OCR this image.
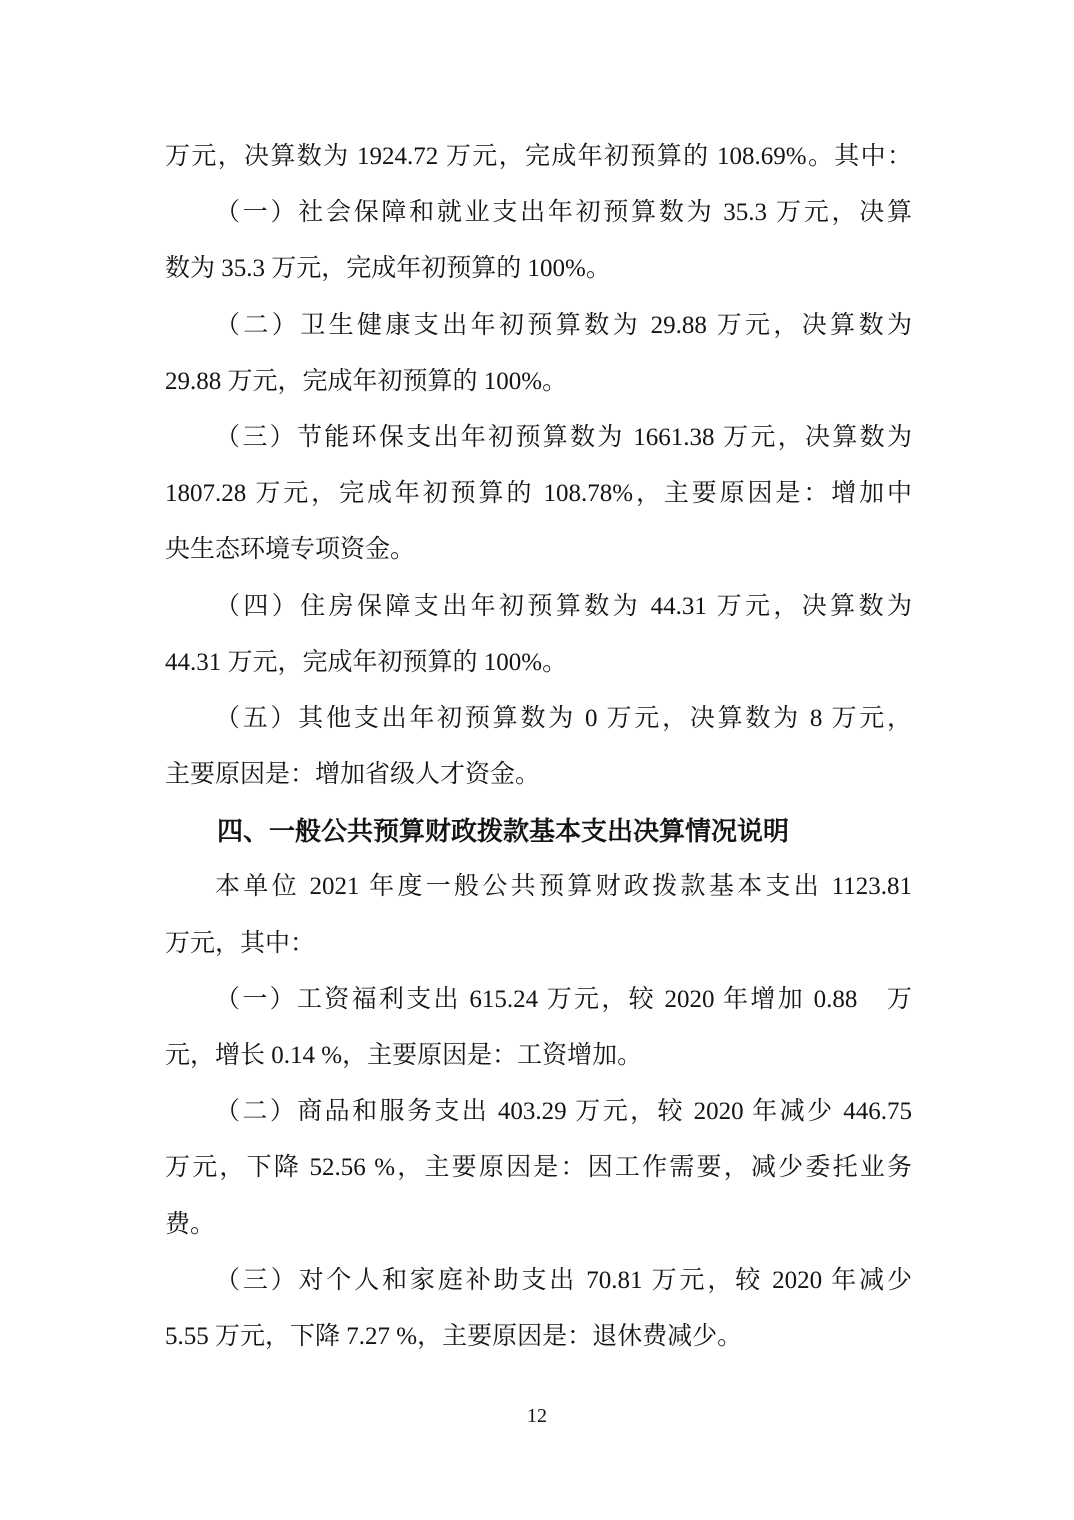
万元，决算数为 1924.72 万元，完成年初预算的 108.69%。其中：
（一）社会保障和就业支出年初预算数为 35.3 万元，决算
数为 35.3 万元，完成年初预算的 100%。
（二）卫生健康支出年初预算数为 29.88 万元，决算数为
29.88 万元，完成年初预算的 100%。
（三）节能环保支出年初预算数为 1661.38 万元，决算数为
1807.28 万元，完成年初预算的 108.78%，主要原因是：增加中
央生态环境专项资金。
（四）住房保障支出年初预算数为 44.31 万元，决算数为
44.31 万元，完成年初预算的 100%。
（五）其他支出年初预算数为 0 万元，决算数为 8 万元，
主要原因是：增加省级人才资金。
四、一般公共预算财政拨款基本支出决算情况说明
本单位 2021 年度一般公共预算财政拨款基本支出 1123.81
万元，其中：
（一）工资福利支出 615.24 万元，较 2020 年增加 0.88　万
元，增长 0.14 %，主要原因是：工资增加。
（二）商品和服务支出 403.29 万元，较 2020 年减少 446.75
万元，下降 52.56 %，主要原因是：因工作需要，减少委托业务
费。
（三）对个人和家庭补助支出 70.81 万元，较 2020 年减少
5.55 万元，下降 7.27 %，主要原因是：退休费减少。
12
